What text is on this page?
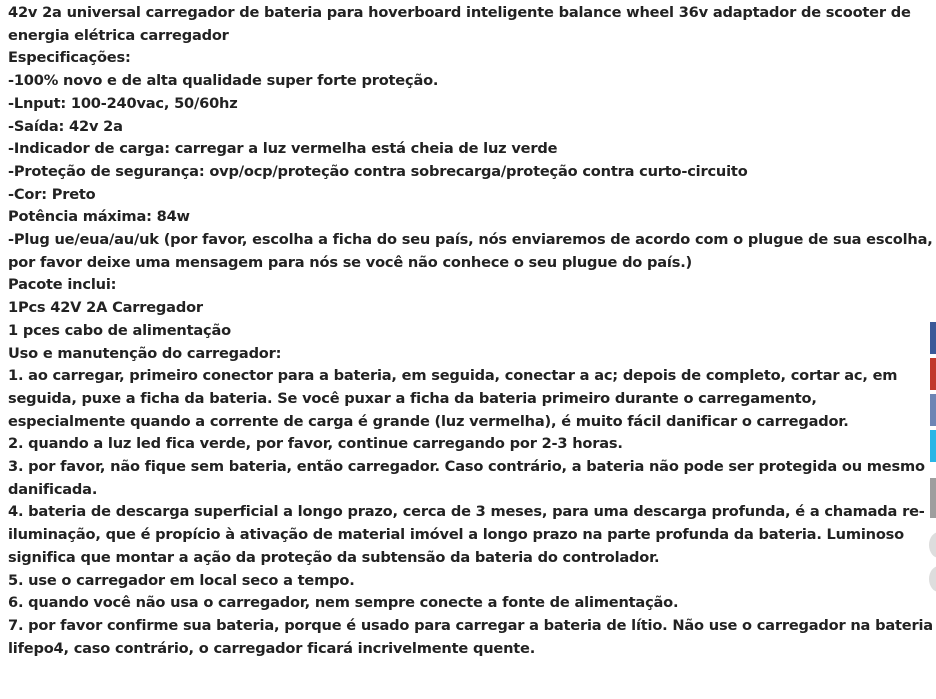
42v 2a universal carregador de bateria para hoverboard inteligente balance wheel 36v adaptador de scooter de energia elétrica carregador

Especificações:

-100% novo e de alta qualidade super forte proteção.

-Lnput: 100-240vac, 50/60hz

-Saída: 42v 2a

-Indicador de carga: carregar a luz vermelha está cheia de luz verde

-Proteção de segurança: ovp/ocp/proteção contra sobrecarga/proteção contra curto-circuito

-Cor: Preto

Potência máxima: 84w

-Plug ue/eua/au/uk (por favor, escolha a ficha do seu país, nós enviaremos de acordo com o plugue de sua escolha, por favor deixe uma mensagem para nós se você não conhece o seu plugue do país.)

Pacote inclui:

1Pcs 42V 2A Carregador

1 pces cabo de alimentação

Uso e manutenção do carregador:

1. ao carregar, primeiro conector para a bateria, em seguida, conectar a ac; depois de completo, cortar ac, em seguida, puxe a ficha da bateria. Se você puxar a ficha da bateria primeiro durante o carregamento, especialmente quando a corrente de carga é grande (luz vermelha), é muito fácil danificar o carregador.

2. quando a luz led fica verde, por favor, continue carregando por 2-3 horas.

3. por favor, não fique sem bateria, então carregador. Caso contrário, a bateria não pode ser protegida ou mesmo danificada.

4. bateria de descarga superficial a longo prazo, cerca de 3 meses, para uma descarga profunda, é a chamada re-iluminação, que é propício à ativação de material imóvel a longo prazo na parte profunda da bateria. Luminoso significa que montar a ação da proteção da subtensão da bateria do controlador.

5. use o carregador em local seco a tempo.

6. quando você não usa o carregador, nem sempre conecte a fonte de alimentação.

7. por favor confirme sua bateria, porque é usado para carregar a bateria de lítio. Não use o carregador na bateria lifepo4, caso contrário, o carregador ficará incrivelmente quente.
